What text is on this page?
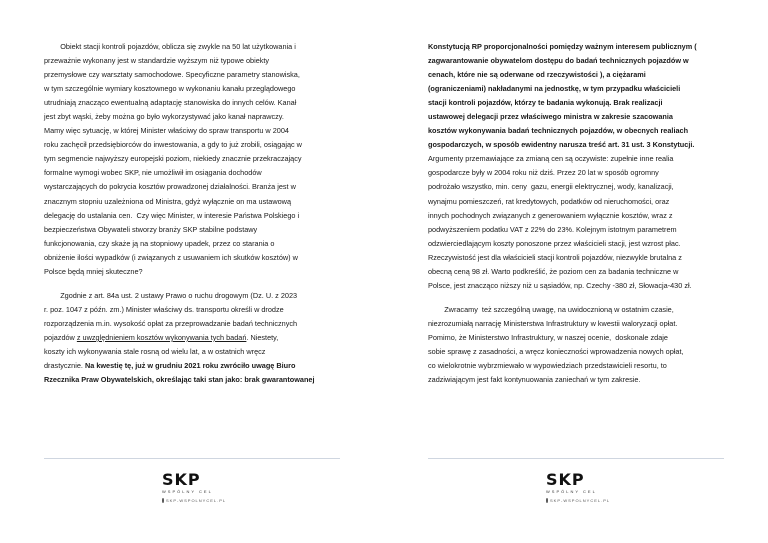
Obiekt stacji kontroli pojazdów, oblicza się zwykle na 50 lat użytkowania i
przeważnie wykonany jest w standardzie wyższym niż typowe obiekty
przemysłowe czy warsztaty samochodowe. Specyficzne parametry stanowiska,
w tym szczególnie wymiary kosztownego w wykonaniu kanału przeglądowego
utrudniają znacząco ewentualną adaptację stanowiska do innych celów. Kanał
jest zbyt wąski, żeby można go było wykorzystywać jako kanał naprawczy.
Mamy więc sytuację, w której Minister właściwy do spraw transportu w 2004
roku zachęcił przedsiębiorców do inwestowania, a gdy to już zrobili, osiągając w
tym segmencie najwyższy europejski poziom, niekiedy znacznie przekraczający
formalne wymogi wobec SKP, nie umożliwił im osiągania dochodów
wystarczających do pokrycia kosztów prowadzonej działalności. Branża jest w
znacznym stopniu uzależniona od Ministra, gdyż wyłącznie on ma ustawową
delegację do ustalania cen.  Czy więc Minister, w interesie Państwa Polskiego i
bezpieczeństwa Obywateli stworzy branży SKP stabilne podstawy
funkcjonowania, czy skaże ją na stopniowy upadek, przez co starania o
obniżenie ilości wypadków (i związanych z usuwaniem ich skutków kosztów) w
Polsce będą mniej skuteczne?
Zgodnie z art. 84a ust. 2 ustawy Prawo o ruchu drogowym (Dz. U. z 2023
r. poz. 1047 z późn. zm.) Minister właściwy ds. transportu określi w drodze
rozporządzenia m.in. wysokość opłat za przeprowadzanie badań technicznych
pojazdów z uwzględnieniem kosztów wykonywania tych badań. Niestety,
koszty ich wykonywania stale rosną od wielu lat, a w ostatnich wręcz
drastycznie. Na kwestię tę, już w grudniu 2021 roku zwróciło uwagę Biuro
Rzecznika Praw Obywatelskich, określając taki stan jako: brak gwarantowanej
SKP
WSPÓLNY CEL
SKP-WSPOLNYCEL.PL
Konstytucją RP proporcjonalności pomiędzy ważnym interesem publicznym (
zagwarantowanie obywatelom dostępu do badań technicznych pojazdów w
cenach, które nie są oderwane od rzeczywistości ), a ciężarami
(ograniczeniami) nakładanymi na jednostkę, w tym przypadku właścicieli
stacji kontroli pojazdów, którzy te badania wykonują. Brak realizacji
ustawowej delegacji przez właściwego ministra w zakresie szacowania
kosztów wykonywania badań technicznych pojazdów, w obecnych realiach
gospodarczych, w sposób ewidentny narusza treść art. 31 ust. 3 Konstytucji.
Argumenty przemawiające za zmianą cen są oczywiste: zupełnie inne realia
gospodarcze były w 2004 roku niż dziś. Przez 20 lat w sposób ogromny
podrożało wszystko, min. ceny  gazu, energii elektrycznej, wody, kanalizacji,
wynajmu pomieszczeń, rat kredytowych, podatków od nieruchomości, oraz
innych pochodnych związanych z generowaniem wyłącznie kosztów, wraz z
podwyższeniem podatku VAT z 22% do 23%. Kolejnym istotnym parametrem
odzwierciedlającym koszty ponoszone przez właścicieli stacji, jest wzrost płac.
Rzeczywistość jest dla właścicieli stacji kontroli pojazdów, niezwykle brutalna z
obecną ceną 98 zł. Warto podkreślić, że poziom cen za badania techniczne w
Polsce, jest znacząco niższy niż u sąsiadów, np. Czechy -380 zł, Słowacja-430 zł.
Zwracamy  też szczególną uwagę, na uwidocznioną w ostatnim czasie,
niezrozumiałą narrację Ministerstwa Infrastruktury w kwestii waloryzacji opłat.
Pomimo, że Ministerstwo Infrastruktury, w naszej ocenie,  doskonale zdaje
sobie sprawę z zasadności, a wręcz konieczności wprowadzenia nowych opłat,
co wielokrotnie wybrzmiewało w wypowiedziach przedstawicieli resortu, to
zadziwiającym jest fakt kontynuowania zaniechań w tym zakresie.
SKP
WSPÓLNY CEL
SKP-WSPOLNYCEL.PL
